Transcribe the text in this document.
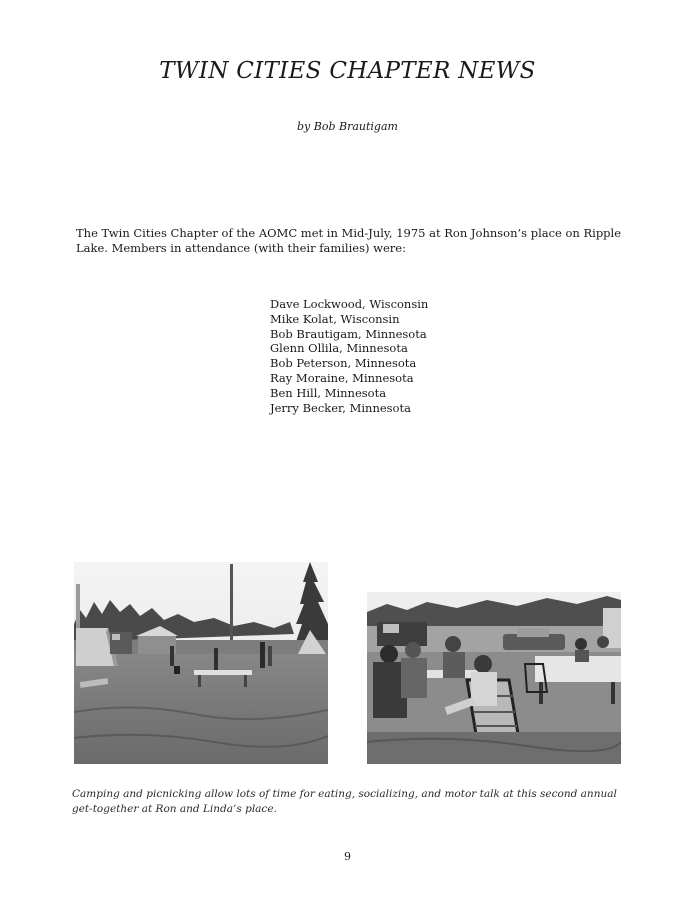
TWIN CITIES CHAPTER NEWS
by Bob Brautigam

The Twin Cities Chapter of the AOMC met in Mid-July, 1975 at Ron Johnson’s place on Ripple Lake. Members in attendance (with their families) were:

Dave Lockwood, Wisconsin
Mike Kolat, Wisconsin
Bob Brautigam, Minnesota
Glenn Ollila, Minnesota
Bob Peterson, Minnesota
Ray Moraine, Minnesota
Ben Hill, Minnesota
Jerry Becker, Minnesota

Camping and picnicking allow lots of time for eating, socializing, and motor talk at this second annual get-together at Ron and Linda’s place.

9
